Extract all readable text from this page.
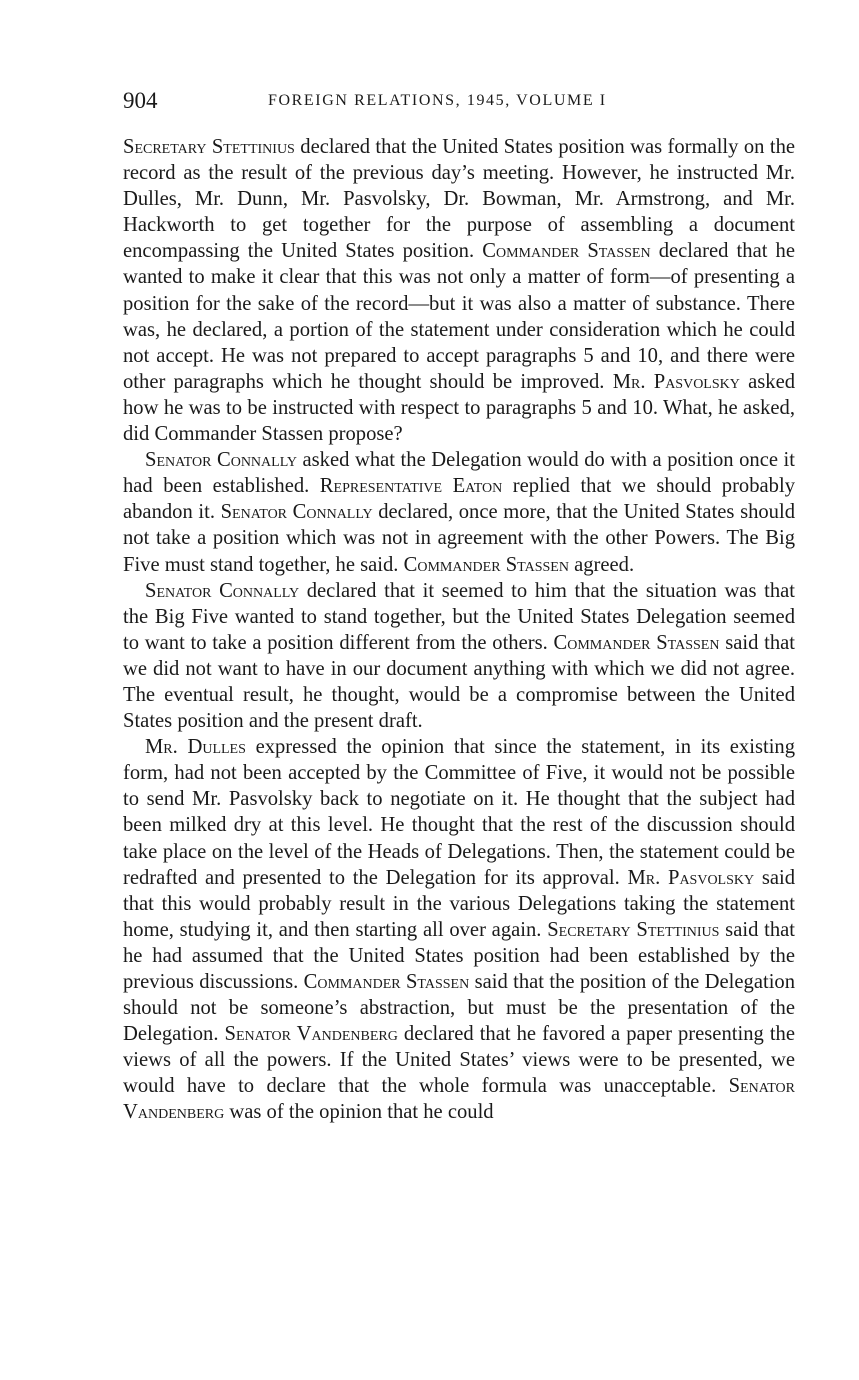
904	FOREIGN RELATIONS, 1945, VOLUME I

Secretary Stettinius declared that the United States position was formally on the record as the result of the previous day’s meeting. However, he instructed Mr. Dulles, Mr. Dunn, Mr. Pasvolsky, Dr. Bowman, Mr. Armstrong, and Mr. Hackworth to get together for the purpose of assembling a document encompassing the United States position. Commander Stassen declared that he wanted to make it clear that this was not only a matter of form—of presenting a position for the sake of the record—but it was also a matter of substance. There was, he declared, a portion of the statement under consideration which he could not accept. He was not prepared to accept paragraphs 5 and 10, and there were other paragraphs which he thought should be improved. Mr. Pasvolsky asked how he was to be instructed with respect to paragraphs 5 and 10. What, he asked, did Commander Stassen propose?

Senator Connally asked what the Delegation would do with a position once it had been established. Representative Eaton replied that we should probably abandon it. Senator Connally declared, once more, that the United States should not take a position which was not in agreement with the other Powers. The Big Five must stand together, he said. Commander Stassen agreed.

Senator Connally declared that it seemed to him that the situation was that the Big Five wanted to stand together, but the United States Delegation seemed to want to take a position different from the others. Commander Stassen said that we did not want to have in our document anything with which we did not agree. The eventual result, he thought, would be a compromise between the United States position and the present draft.

Mr. Dulles expressed the opinion that since the statement, in its existing form, had not been accepted by the Committee of Five, it would not be possible to send Mr. Pasvolsky back to negotiate on it. He thought that the subject had been milked dry at this level. He thought that the rest of the discussion should take place on the level of the Heads of Delegations. Then, the statement could be redrafted and presented to the Delegation for its approval. Mr. Pasvolsky said that this would probably result in the various Delegations taking the statement home, studying it, and then starting all over again. Secretary Stettinius said that he had assumed that the United States position had been established by the previous discussions. Commander Stassen said that the position of the Delegation should not be someone’s abstraction, but must be the presentation of the Delegation. Senator Vandenberg declared that he favored a paper presenting the views of all the powers. If the United States’ views were to be presented, we would have to declare that the whole formula was unacceptable. Senator Vandenberg was of the opinion that he could
